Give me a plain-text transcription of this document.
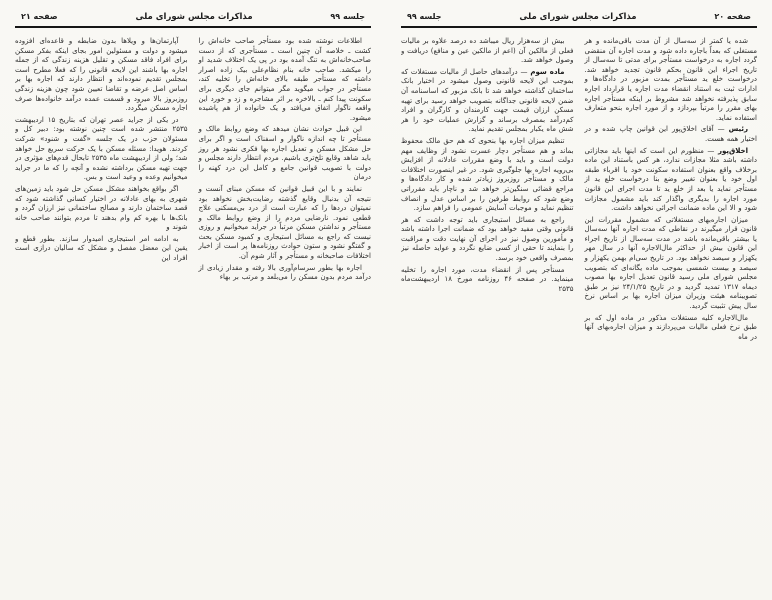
صفحه ۲۱	مذاکرات مجلس شورای ملی	جلسه ۹۹

اطلاعات نوشته شده بود مستأجر صاحب خانه‌اش را کشت ـ خلاصه آن چنین است ـ مستأجری که از دست صاحب‌خانه‌اش به تنگ آمده بود در پی یک اختلاف شدید او را میکشد. صاحب خانه بنام نظام‌علی بیک زاده اصرار داشته که مستأجر طبقه بالای خانه‌اش را تخلیه کند، مستأجر در جواب میگوید مگر میتوانم جای دیگری برای سکونت پیدا کنم ـ بالاخره بر اثر مشاجره و زد و خورد این واقعه ناگوار اتفاق می‌افتد و یک خانواده از هم پاشیده میشود.

این قبیل حوادث نشان میدهد که وضع روابط مالک و مستأجر تا چه اندازه ناگوار و اسفناک است و اگر برای حل مشکل مسکن و تعدیل اجاره بها فکری نشود هر روز باید شاهد وقایع تلخ‌تری باشیم. مردم انتظار دارند مجلس و دولت با تصویب قوانین جامع و کامل این درد کهنه را درمان

نمایند و با این قبیل قوانین که مسکن مبنای آنست و نتیجه آن بدنبال وقایع گذشته رضایت‌بخش نخواهد بود نمیتوان دردها را که عبارت است از درد بی‌مسکنی علاج قطعی نمود. نارضایی مردم را از وضع روابط مالک و مستأجر و نداشتن مسکن مرتباً در جراید میخوانیم و روزی نیست که راجع به مسائل استیجاری و کمبود مسکن بحث و گفتگو نشود و ستون حوادث روزنامه‌ها پر است از اخبار اختلافات صاحبخانه و مستأجر و آثار شوم آن.

اجاره بها بطور سرسام‌آوری بالا رفته و مقدار زیادی از درآمد مردم بدون مسکن را می‌بلعد و مرتب بر بهاء

آپارتمان‌ها و ویلاها بدون ضابطه و قاعده‌ای افزوده میشود و دولت و مسئولین امور بجای اینکه بفکر مسکن برای افراد فاقد مسکن و تقلیل هزینه زندگی که از جمله اجاره بها باشند این لایحه قانونی را که فعلا مطرح است بمجلس تقدیم نموده‌اند و انتظار دارند که اجاره بها بر اساس اصل عرضه و تقاضا تعیین شود چون هزینه زندگی روزبروز بالا میرود و قسمت عمده درآمد خانواده‌ها صرف اجاره مسکن میگردد.

در یکی از جراید عصر تهران که بتاریخ ۱۵ اردیبهشت ۲۵۳۵ منتشر شده است چنین نوشته بود: دبیر کل و مسئولان حزب در یک جلسه «گفت و شنود» شرکت کردند. هویدا: مسئله مسکن با یک حرکت سریع حل خواهد شد؛ ولی از اردیبهشت ماه ۲۵۳۵ تابحال قدم‌های مؤثری در جهت تهیه مسکن برداشته نشده و آنچه را که ما در جراید میخوانیم وعده و وعید است و بس.

اگر بواقع بخواهند مشکل مسکن حل شود باید زمین‌های شهری به بهای عادلانه در اختیار کسانی گذاشته شود که قصد ساختمان دارند و مصالح ساختمانی نیز ارزان گردد و بانک‌ها با بهره کم وام بدهند تا مردم بتوانند صاحب خانه شوند و

به ادامه امر استیجاری امیدوار سازند. بطور قطع و یقین این معضل مفصل و مشکل که سالیان درازی است افراد این

جلسه ۹۹	مذاکرات مجلس شورای ملی	صفحه ۲۰

شده یا کمتر از سه‌سال از آن مدت باقی‌مانده و هر مستغلی که بعداً باجاره داده شود و مدت اجاره آن منقضی گردد اجاره به درخواست مستأجر برای مدتی تا سه‌سال از تاریخ اجراء این قانون بحکم قانون تجدید خواهد شد. درخواست خلع ید مستأجر بمدت مزبور در دادگاه‌ها و ادارات ثبت به استناد انقضاء مدت اجاره یا قرارداد اجاره سابق پذیرفته نخواهد شد مشروط بر اینکه مستأجر اجاره بهای مقرر را مرتباً بپردازد و از مورد اجاره بنحو متعارف استفاده نماید.

رئیس — آقای اخلاق‌پور این قوانین چاپ شده و در اختیار همه هست.

اخلاق‌پور — منظورم این است که اینها باید مجازاتی داشته باشد مثلا مجازات ندارد، هر کس باستناد این ماده برخلاف واقع بعنوان استفاده سکونت خود یا اقرباء طبقه اول خود یا بعنوان تغییر وضع بنا درخواست خلع ید از مستأجر نماید یا بعد از خلع ید تا مدت اجرای این قانون مورد اجاره را بدیگری واگذار کند باید مشمول مجازات شود و الا این ماده ضمانت اجرائی نخواهد داشت.

میزان اجاره‌بهای مستغلاتی که مشمول مقررات این قانون قرار میگیرند در نقاطی که مدت اجاره آنها سه‌سال یا بیشتر باقی‌مانده باشد در مدت سه‌سال از تاریخ اجراء این قانون بیش از حداکثر مال‌الاجاره آنها در سال مهر یکهزار و سیصد نخواهد بود. در تاریخ سی‌ام بهمن یکهزار و سیصد و بیست شمسی بموجب ماده یگانه‌ای که بتصویب مجلس شورای ملی رسید قانون تعدیل اجاره بها مصوب دیماه ۱۳۱۷ تمدید گردید و در تاریخ ۲۴/۱/۲۵ نیز بر طبق تصویبنامه هیئت وزیران میزان اجاره بها بر اساس نرخ سال پیش تثبیت گردید.

مال‌الاجاره کلیه مستغلات مذکور در ماده اول که بر طبق نرخ فعلی مالیات می‌پردازند و میزان اجاره‌بهای آنها در ماه

بیش از سه‌هزار ریال میباشد ده درصد علاوه بر مالیات فعلی از مالکین آن (اعم از مالکین عین و منافع) دریافت و وصول خواهد شد.

ماده سوم — درآمدهای حاصل از مالیات مستغلات که بموجب این لایحه قانونی وصول میشود در اختیار بانک ساختمان گذاشته خواهد شد تا بانک مزبور که اساسنامه آن ضمن لایحه قانونی جداگانه بتصویب خواهد رسید برای تهیه مسکن ارزان قیمت جهت کارمندان و کارگران و افراد کم‌درآمد بمصرف برساند و گزارش عملیات خود را هر شش ماه یکبار بمجلس تقدیم نماید.

تنظیم میزان اجاره بها بنحوی که هم حق مالک محفوظ بماند و هم مستأجر دچار عسرت نشود از وظایف مهم دولت است و باید با وضع مقررات عادلانه از افزایش بی‌رویه اجاره بها جلوگیری شود. در غیر اینصورت اختلافات مالک و مستأجر روزبروز زیادتر شده و کار دادگاه‌ها و مراجع قضائی سنگین‌تر خواهد شد و ناچار باید مقرراتی وضع شود که روابط طرفین را بر اساس عدل و انصاف تنظیم نماید و موجبات آسایش عمومی را فراهم سازد.

راجع به مسائل استیجاری باید توجه داشت که هر قانونی وقتی مفید خواهد بود که ضمانت اجرا داشته باشد و مأمورین وصول نیز در اجرای آن نهایت دقت و مراقبت را بنمایند تا حقی از کسی ضایع نگردد و عواید حاصله نیز بمصرف واقعی خود برسد.

مستأجر پس از انقضاء مدت، مورد اجاره را تخلیه مینماید. در صفحه ۴۶ روزنامه مورخ ۱۸ اردیبهشت‌ماه ۲۵۳۵
